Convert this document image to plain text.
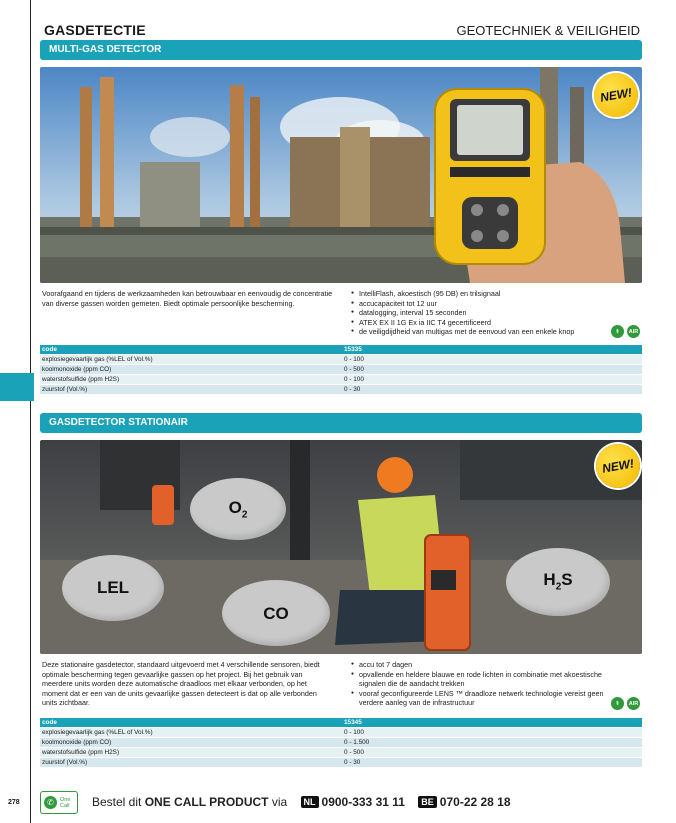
GASDETECTIE	GEOTECHNIEK & VEILIGHEID
MULTI-GAS DETECTOR
NEW!
Voorafgaand en tijdens de werkzaamheden kan betrouwbaar en eenvoudig de concentratie van diverse gassen worden gemeten. Biedt optimale persoonlijke bescherming.
● IntelliFlash, akoestisch (95 DB) en trilsignaal
● accucapaciteit tot 12 uur
● datalogging, interval 15 seconden
● ATEX EX II 1G Ex ia IIC T4 gecertificeerd
● de veiligdijdheid van multigas met de eenvoud van een enkele knop	⚕	AIR
code	15335
explosiegevaarlijk gas (%LEL of Vol.%)	0 - 100
koolmonoxide (ppm CO)	0 - 500
waterstofsulfide (ppm H2S)	0 - 100
zuurstof (Vol.%)	0 - 30
GASDETECTOR STATIONAIR
$O_2$
LEL
CO
$H_2S$
NEW!
Deze stationaire gasdetector, standaard uitgevoerd met 4 verschillende sensoren, biedt optimale bescherming tegen gevaarlijke gassen op het project. Bij het gebruik van meerdere units worden deze automatische draadloos met elkaar verbonden, op het moment dat er een van de units gevaarlijke gassen detecteert is dat op alle verbonden units zichtbaar.
● accu tot 7 dagen
● opvallende en heldere blauwe en rode lichten in combinatie met akoestische signalen die de aandacht trekken
● vooraf geconfigureerde LENS ™ draadloze netwerk technologie vereist geen verdere aanleg van de infrastructuur	⚕	AIR
code	15345
explosiegevaarlijk gas (%LEL of Vol.%)	0 - 100
koolmonoxide (ppm CO)	0 - 1.500
waterstofsulfide (ppm H2S)	0 - 500
zuurstof (Vol.%)	0 - 30
278	✆	One
Call Bestel dit ONE CALL PRODUCT via NL 0900-333 31 11 BE 070-22 28 18
